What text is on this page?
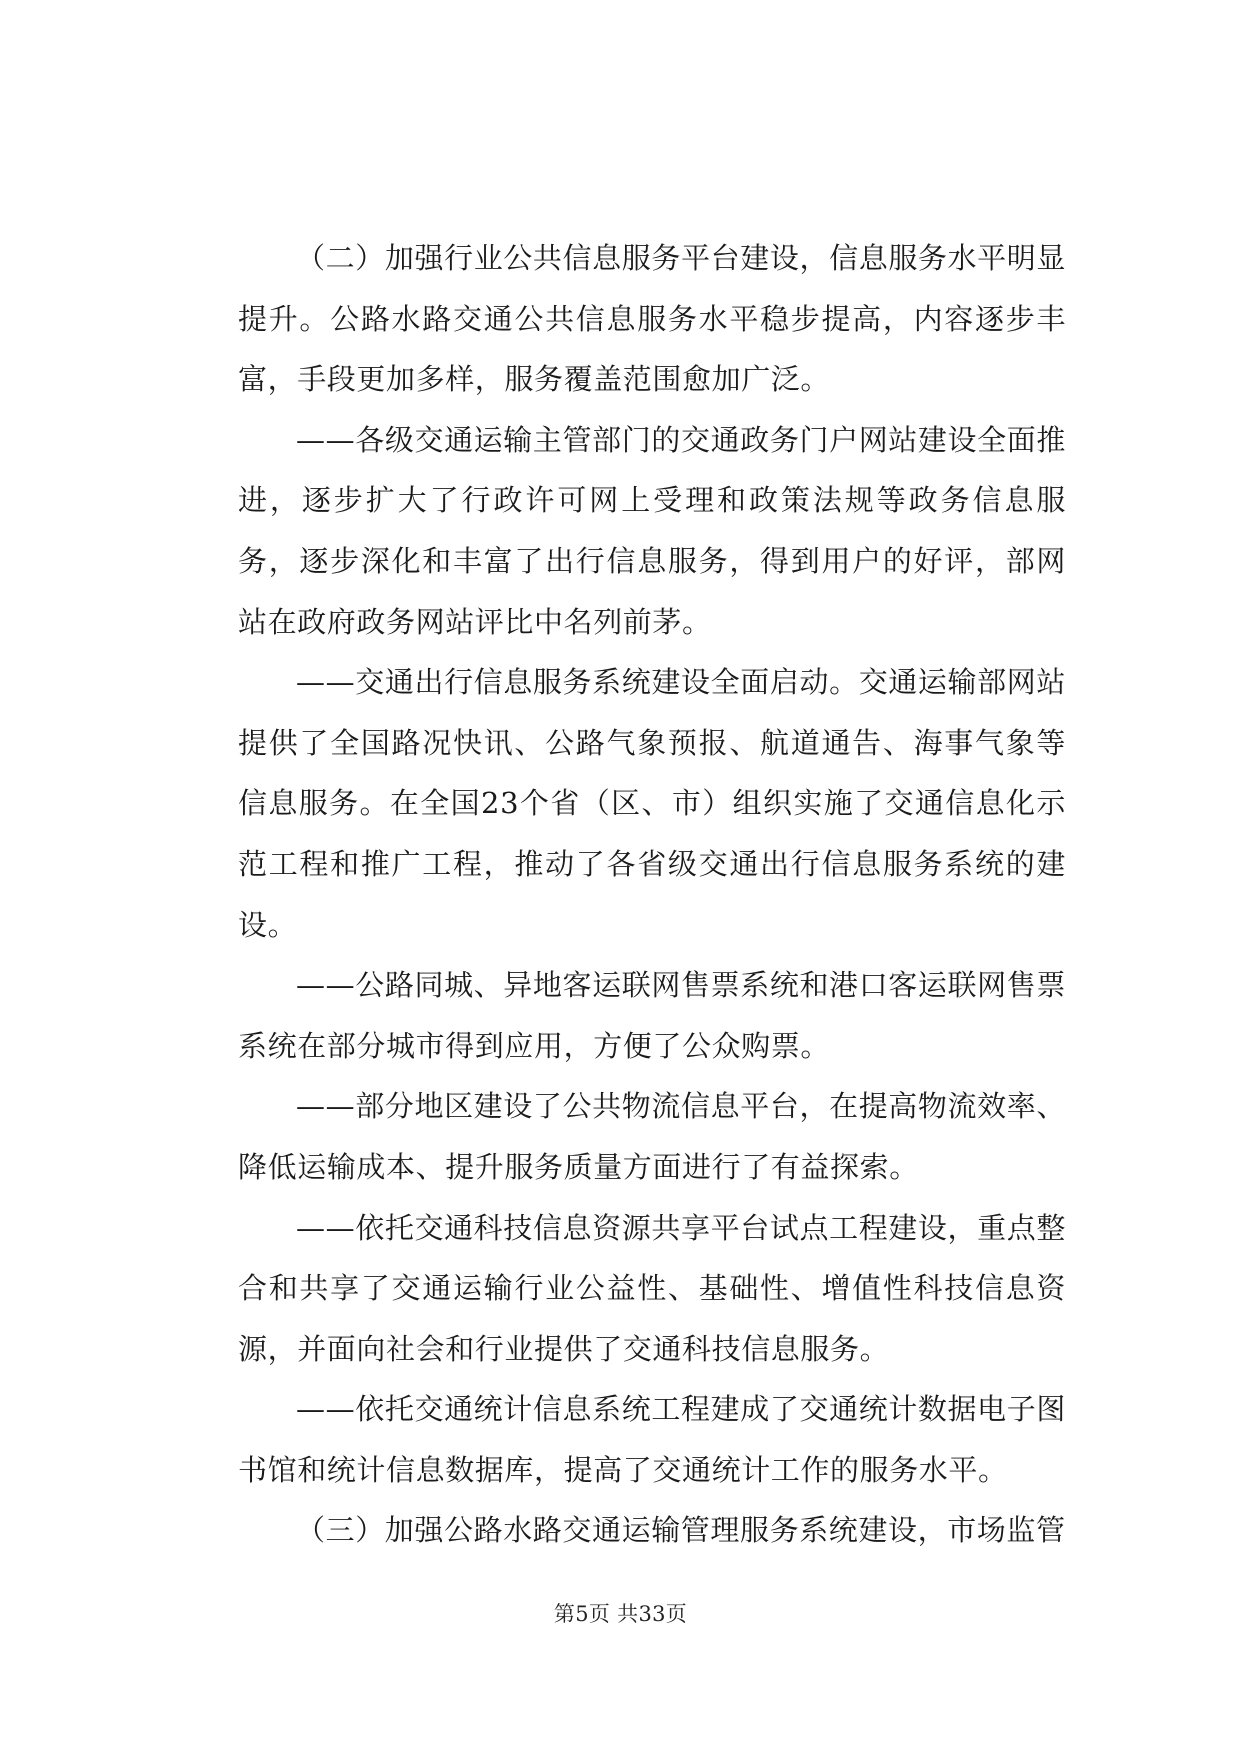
（二）加强行业公共信息服务平台建设，信息服务水平明显提升。公路水路交通公共信息服务水平稳步提高，内容逐步丰富，手段更加多样，服务覆盖范围愈加广泛。

——各级交通运输主管部门的交通政务门户网站建设全面推进，逐步扩大了行政许可网上受理和政策法规等政务信息服务，逐步深化和丰富了出行信息服务，得到用户的好评，部网站在政府政务网站评比中名列前茅。

——交通出行信息服务系统建设全面启动。交通运输部网站提供了全国路况快讯、公路气象预报、航道通告、海事气象等信息服务。在全国23个省（区、市）组织实施了交通信息化示范工程和推广工程，推动了各省级交通出行信息服务系统的建设。

——公路同城、异地客运联网售票系统和港口客运联网售票系统在部分城市得到应用，方便了公众购票。

——部分地区建设了公共物流信息平台，在提高物流效率、降低运输成本、提升服务质量方面进行了有益探索。

——依托交通科技信息资源共享平台试点工程建设，重点整合和共享了交通运输行业公益性、基础性、增值性科技信息资源，并面向社会和行业提供了交通科技信息服务。

——依托交通统计信息系统工程建成了交通统计数据电子图书馆和统计信息数据库，提高了交通统计工作的服务水平。

（三）加强公路水路交通运输管理服务系统建设，市场监管

第5页 共33页
